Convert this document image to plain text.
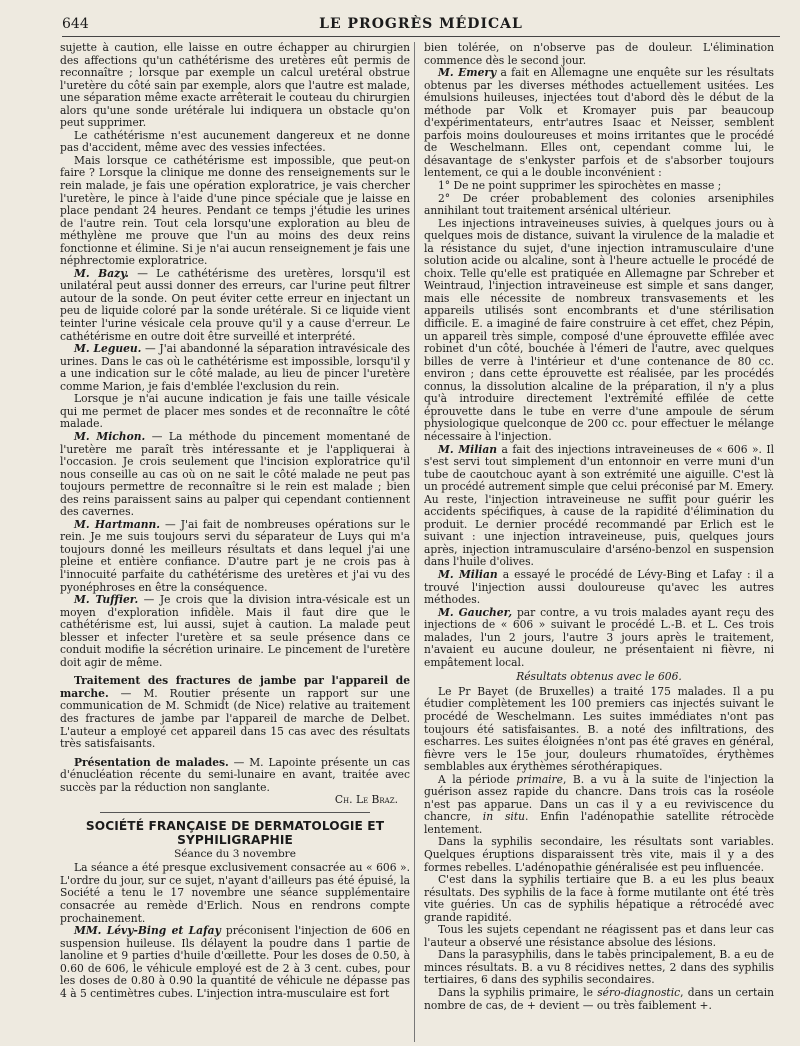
644	LE PROGRÈS MÉDICAL

sujette à caution, elle laisse en outre échapper au chirurgien des affections qu'un cathétérisme des uretères eût permis de reconnaître ; lorsque par exemple un calcul uretéral obstrue l'uretère du côté sain par exemple, alors que l'autre est malade, une séparation même exacte arrêterait le couteau du chirurgien alors qu'une sonde urétérale lui indiquera un obstacle qu'on peut supprimer.

Le cathétérisme n'est aucunement dangereux et ne donne pas d'accident, même avec des vessies infectées.

Mais lorsque ce cathétérisme est impossible, que peut-on faire ? Lorsque la clinique me donne des renseignements sur le rein malade, je fais une opération exploratrice, je vais chercher l'uretère, le pince à l'aide d'une pince spéciale que je laisse en place pendant 24 heures. Pendant ce temps j'étudie les urines de l'autre rein. Tout cela lorsqu'une exploration au bleu de méthylène me prouve que l'un au moins des deux reins fonctionne et élimine. Si je n'ai aucun renseignement je fais une néphrectomie exploratrice.

M. Bazy. — Le cathétérisme des uretères, lorsqu'il est unilatéral peut aussi donner des erreurs, car l'urine peut filtrer autour de la sonde. On peut éviter cette erreur en injectant un peu de liquide coloré par la sonde urétérale. Si ce liquide vient teinter l'urine vésicale cela prouve qu'il y a cause d'erreur. Le cathétérisme en outre doit être surveillé et interprété.

M. Legueu. — J'ai abandonné la séparation intravésicale des urines. Dans le cas où le cathétérisme est impossible, lorsqu'il y a une indication sur le côté malade, au lieu de pincer l'uretère comme Marion, je fais d'emblée l'exclusion du rein.

Lorsque je n'ai aucune indication je fais une taille vésicale qui me permet de placer mes sondes et de reconnaître le côté malade.

M. Michon. — La méthode du pincement momentané de l'uretère me paraît très intéressante et je l'appliquerai à l'occasion. Je crois seulement que l'incision exploratrice qu'il nous conseille au cas où on ne sait le côté malade ne peut pas toujours permettre de reconnaître si le rein est malade ; bien des reins paraissent sains au palper qui cependant contiennent des cavernes.

M. Hartmann. — J'ai fait de nombreuses opérations sur le rein. Je me suis toujours servi du séparateur de Luys qui m'a toujours donné les meilleurs résultats et dans lequel j'ai une pleine et entière confiance. D'autre part je ne crois pas à l'innocuité parfaite du cathétérisme des uretères et j'ai vu des pyonéphroses en être la conséquence.

M. Tuffier. — Je crois que la division intra-vésicale est un moyen d'exploration infidèle. Mais il faut dire que le cathétérisme est, lui aussi, sujet à caution. La malade peut blesser et infecter l'uretère et sa seule présence dans ce conduit modifie la sécrétion urinaire. Le pincement de l'uretère doit agir de même.

Traitement des fractures de jambe par l'appareil de marche. — M. Routier présente un rapport sur une communication de M. Schmidt (de Nice) relative au traitement des fractures de jambe par l'appareil de marche de Delbet. L'auteur a employé cet appareil dans 15 cas avec des résultats très satisfaisants.

Présentation de malades. — M. Lapointe présente un cas d'énucléation récente du semi-lunaire en avant, traitée avec succès par la réduction non sanglante.

Ch. Le Braz.

SOCIÉTÉ FRANÇAISE DE DERMATOLOGIE ET SYPHILIGRAPHIE
Séance du 3 novembre

La séance a été presque exclusivement consacrée au « 606 ». L'ordre du jour, sur ce sujet, n'ayant d'ailleurs pas été épuisé, la Société a tenu le 17 novembre une séance supplémentaire consacrée au remède d'Erlich. Nous en rendrons compte prochainement.

MM. Lévy-Bing et Lafay préconisent l'injection de 606 en suspension huileuse. Ils délayent la poudre dans 1 partie de lanoline et 9 parties d'huile d'œillette. Pour les doses de 0.50, à 0.60 de 606, le véhicule employé est de 2 à 3 cent. cubes, pour les doses de 0.80 à 0.90 la quantité de véhicule ne dépasse pas 4 à 5 centimètres cubes. L'injection intra-musculaire est fort

bien tolérée, on n'observe pas de douleur. L'élimination commence dès le second jour.

M. Emery a fait en Allemagne une enquête sur les résultats obtenus par les diverses méthodes actuellement usitées. Les émulsions huileuses, injectées tout d'abord dès le début de la méthode par Volk et Kromayer puis par beaucoup d'expérimentateurs, entr'autres Isaac et Neisser, semblent parfois moins douloureuses et moins irritantes que le procédé de Weschelmann. Elles ont, cependant comme lui, le désavantage de s'enkyster parfois et de s'absorber toujours lentement, ce qui a le double inconvénient :

1° De ne point supprimer les spirochètes en masse ;

2° De créer probablement des colonies arseniphiles annihilant tout traitement arsénical ultérieur.

Les injections intraveineuses suivies, à quelques jours ou à quelques mois de distance, suivant la virulence de la maladie et la résistance du sujet, d'une injection intramusculaire d'une solution acide ou alcaline, sont à l'heure actuelle le procédé de choix. Telle qu'elle est pratiquée en Allemagne par Schreber et Weintraud, l'injection intraveineuse est simple et sans danger, mais elle nécessite de nombreux transvasements et les appareils utilisés sont encombrants et d'une stérilisation difficile. E. a imaginé de faire construire à cet effet, chez Pépin, un appareil très simple, composé d'une éprouvette effilée avec robinet d'un côté, bouchée à l'émeri de l'autre, avec quelques billes de verre à l'intérieur et d'une contenance de 80 cc. environ ; dans cette éprouvette est réalisée, par les procédés connus, la dissolution alcaline de la préparation, il n'y a plus qu'à introduire directement l'extrémité effilée de cette éprouvette dans le tube en verre d'une ampoule de sérum physiologique quelconque de 200 cc. pour effectuer le mélange nécessaire à l'injection.

M. Milian a fait des injections intraveineuses de « 606 ». Il s'est servi tout simplement d'un entonnoir en verre muni d'un tube de caoutchouc ayant à son extrémité une aiguille. C'est là un procédé autrement simple que celui préconisé par M. Emery. Au reste, l'injection intraveineuse ne suffit pour guérir les accidents spécifiques, à cause de la rapidité d'élimination du produit. Le dernier procédé recommandé par Erlich est le suivant : une injection intraveineuse, puis, quelques jours après, injection intramusculaire d'arséno-benzol en suspension dans l'huile d'olives.

M. Milian a essayé le procédé de Lévy-Bing et Lafay : il a trouvé l'injection aussi douloureuse qu'avec les autres méthodes.

M. Gaucher, par contre, a vu trois malades ayant reçu des injections de « 606 » suivant le procédé L.-B. et L. Ces trois malades, l'un 2 jours, l'autre 3 jours après le traitement, n'avaient eu aucune douleur, ne présentaient ni fièvre, ni empâtement local.

Résultats obtenus avec le 606.

Le Pr Bayet (de Bruxelles) a traité 175 malades. Il a pu étudier complètement les 100 premiers cas injectés suivant le procédé de Weschelmann. Les suites immédiates n'ont pas toujours été satisfaisantes. B. a noté des infiltrations, des escharres. Les suites éloignées n'ont pas été graves en général, fièvre vers le 15e jour, douleurs rhumatoïdes, érythèmes semblables aux érythèmes sérothérapiques.

A la période primaire, B. a vu à la suite de l'injection la guérison assez rapide du chancre. Dans trois cas la roséole n'est pas apparue. Dans un cas il y a eu reviviscence du chancre, in situ. Enfin l'adénopathie satellite rétrocède lentement.

Dans la syphilis secondaire, les résultats sont variables. Quelques éruptions disparaissent très vite, mais il y a des formes rebelles. L'adénopathie généralisée est peu influencée.

C'est dans la syphilis tertiaire que B. a eu les plus beaux résultats. Des syphilis de la face à forme mutilante ont été très vite guéries. Un cas de syphilis hépatique a rétrocédé avec grande rapidité.

Tous les sujets cependant ne réagissent pas et dans leur cas l'auteur a observé une résistance absolue des lésions.

Dans la parasyphilis, dans le tabès principalement, B. a eu de minces résultats. B. a vu 8 récidives nettes, 2 dans des syphilis tertiaires, 6 dans des syphilis secondaires.

Dans la syphilis primaire, le séro-diagnostic, dans un certain nombre de cas, de + devient — ou très faiblement +.
